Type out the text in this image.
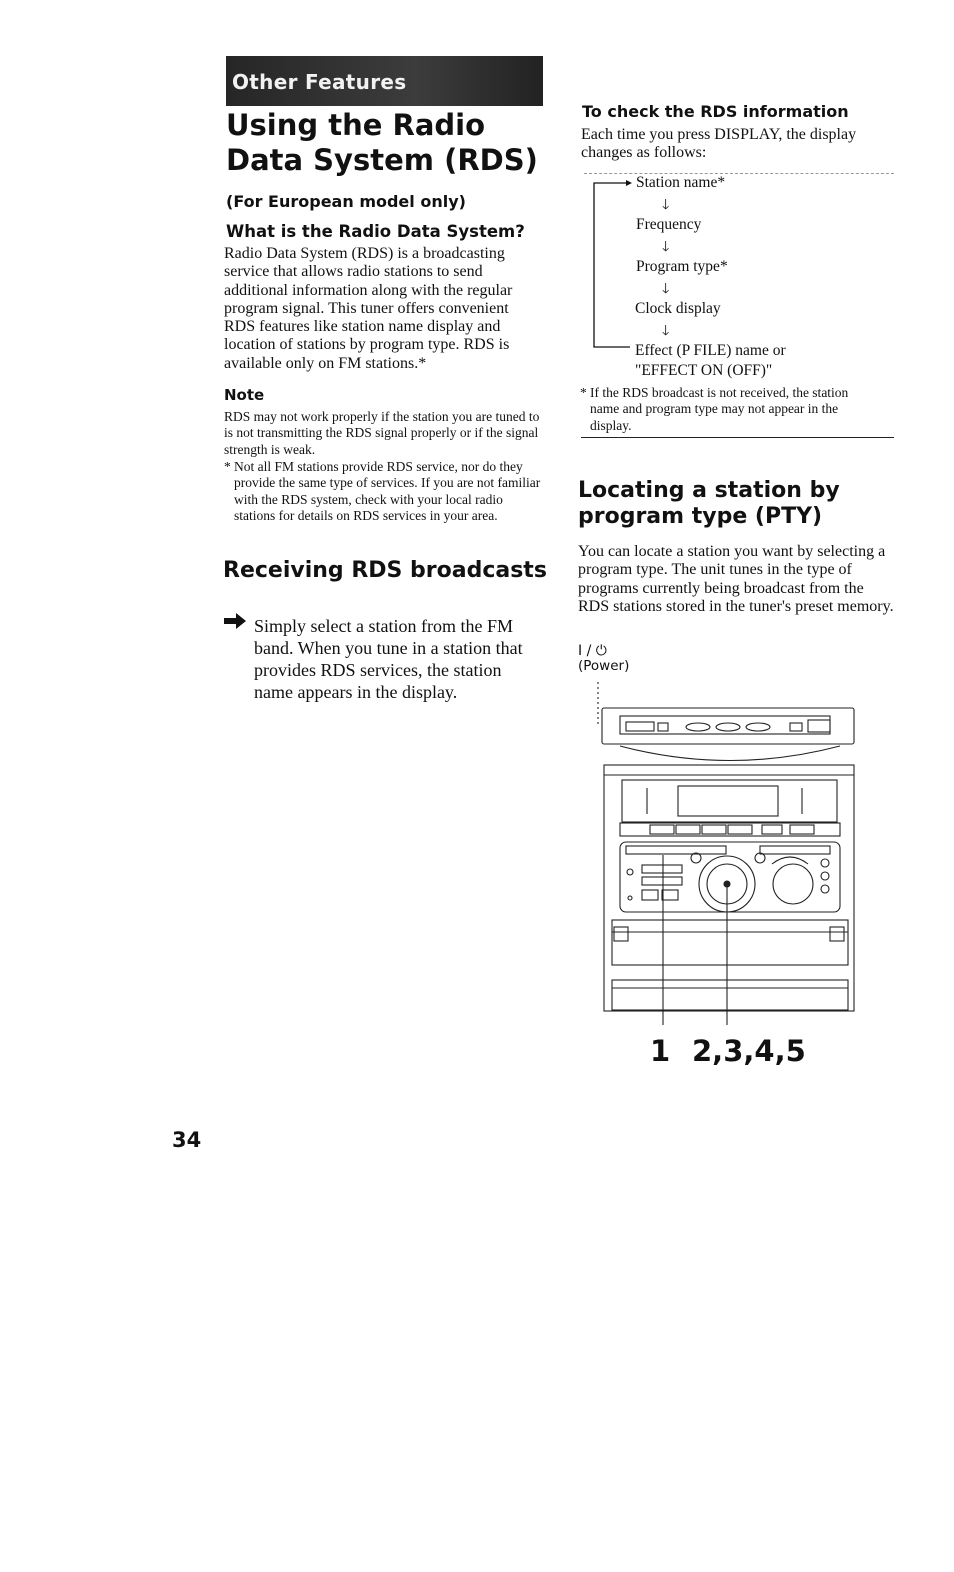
Other Features
Using the Radio Data System (RDS)
(For European model only)
What is the Radio Data System?
Radio Data System (RDS) is a broadcasting service that allows radio stations to send additional information along with the regular program signal. This tuner offers convenient RDS features like station name display and location of stations by program type. RDS is available only on FM stations.*
Note
RDS may not work properly if the station you are tuned to is not transmitting the RDS signal properly or if the signal strength is weak.
* Not all FM stations provide RDS service, nor do they provide the same type of services. If you are not familiar with the RDS system, check with your local radio stations for details on RDS services in your area.
Receiving RDS broadcasts
Simply select a station from the FM band. When you tune in a station that provides RDS services, the station name appears in the display.
34
To check the RDS information
Each time you press DISPLAY, the display changes as follows:
Station name*
🡓
Frequency
🡓
Program type*
🡓
Clock display
🡓
Effect (P FILE) name or
"EFFECT ON (OFF)"
* If the RDS broadcast is not received, the station name and program type may not appear in the display.
Locating a station by program type (PTY)
You can locate a station you want by selecting a program type. The unit tunes in the type of programs currently being broadcast from the RDS stations stored in the tuner's preset memory.
I / ⏻
(Power)
1 2,3,4,5
